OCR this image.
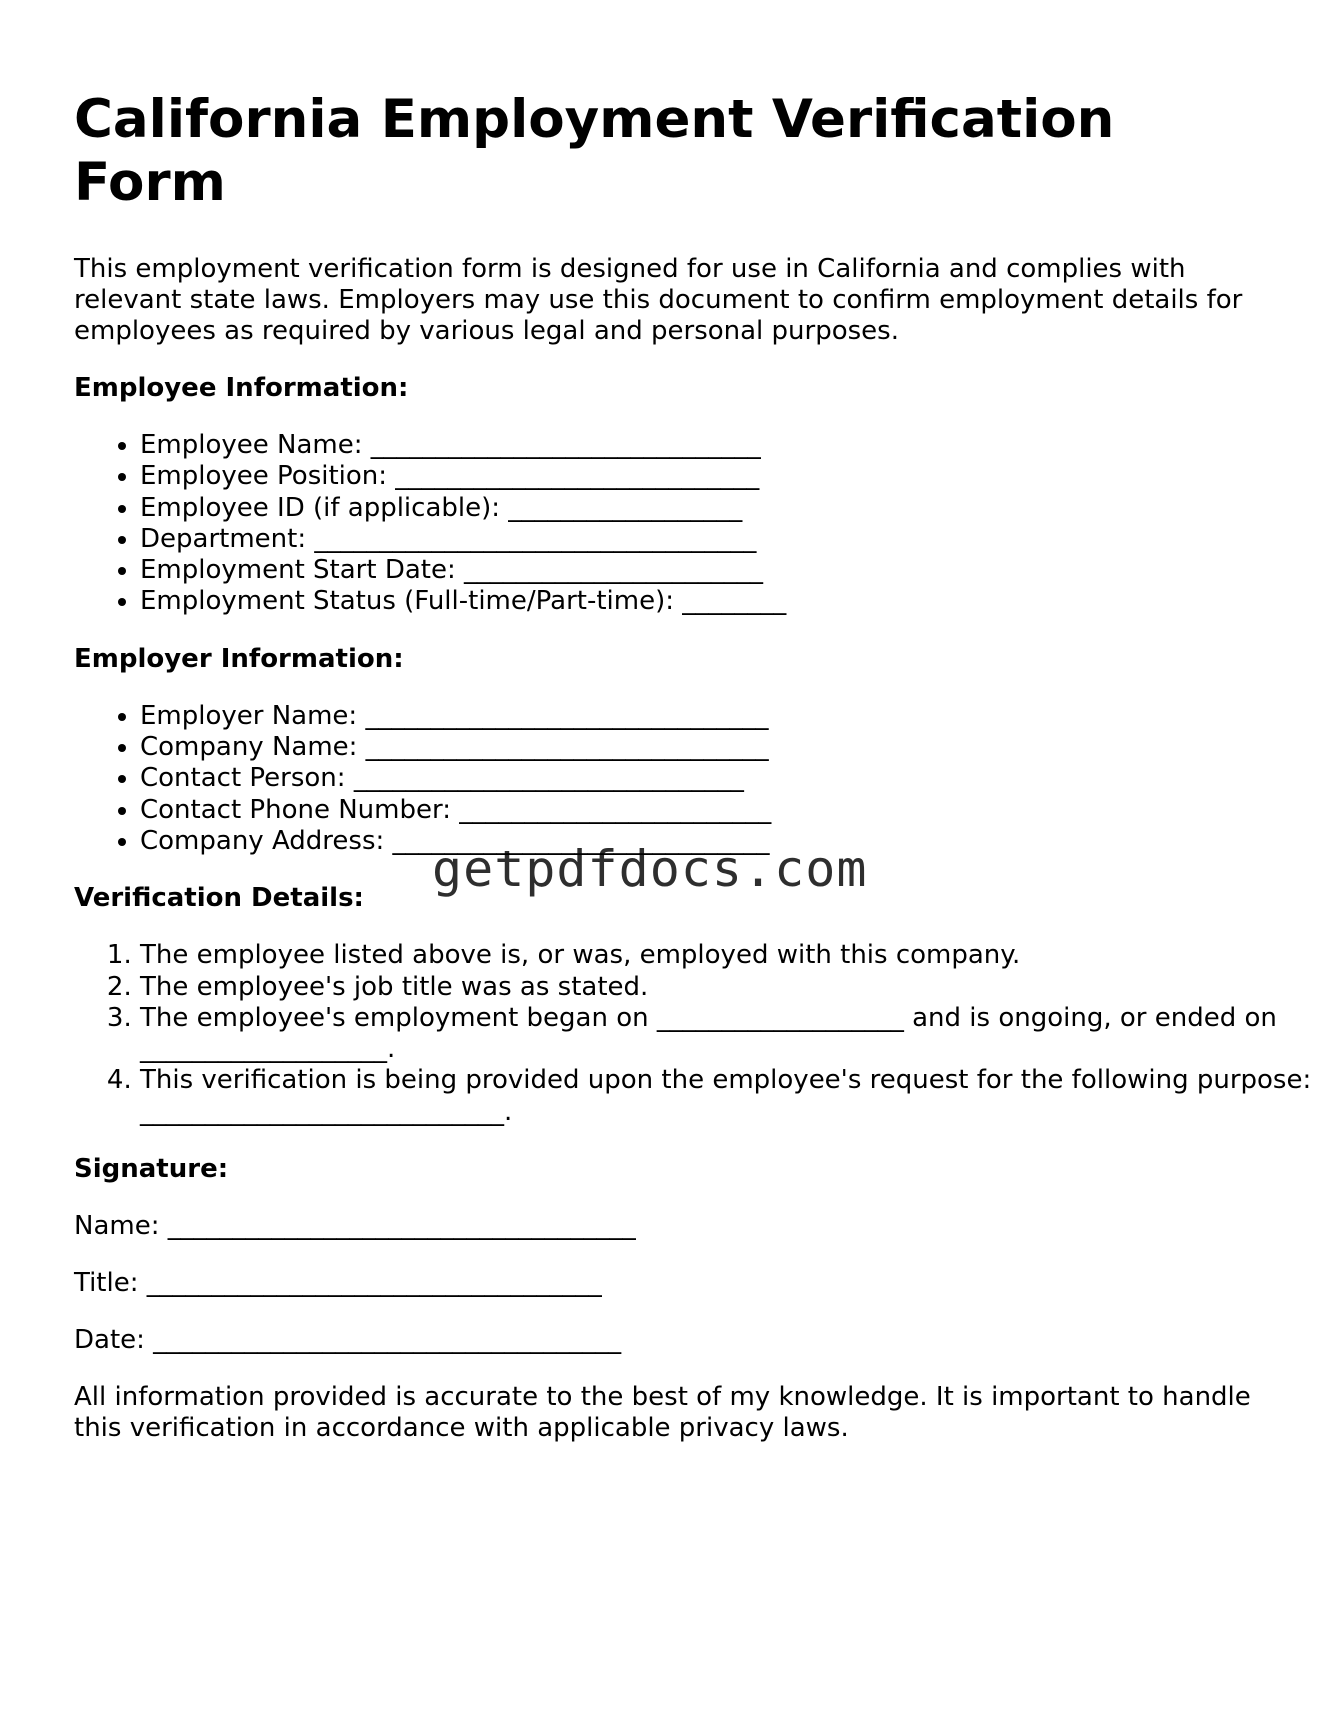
California Employment Verification Form

This employment verification form is designed for use in California and complies with relevant state laws. Employers may use this document to confirm employment details for employees as required by various legal and personal purposes.

Employee Information:

• Employee Name: ______________________________
• Employee Position: ____________________________
• Employee ID (if applicable): __________________
• Department: __________________________________
• Employment Start Date: _______________________
• Employment Status (Full-time/Part-time): ________

Employer Information:

• Employer Name: _______________________________
• Company Name: _______________________________
• Contact Person: ______________________________
• Contact Phone Number: ________________________
• Company Address: _____________________________

Verification Details:

1. The employee listed above is, or was, employed with this company.
2. The employee's job title was as stated.
3. The employee's employment began on ___________________ and is ongoing, or ended on ___________________.
4. This verification is being provided upon the employee's request for the following purpose: ____________________________.

Signature:

Name: ____________________________________

Title: ___________________________________

Date: ____________________________________

All information provided is accurate to the best of my knowledge. It is important to handle this verification in accordance with applicable privacy laws.

getpdfdocs.com
